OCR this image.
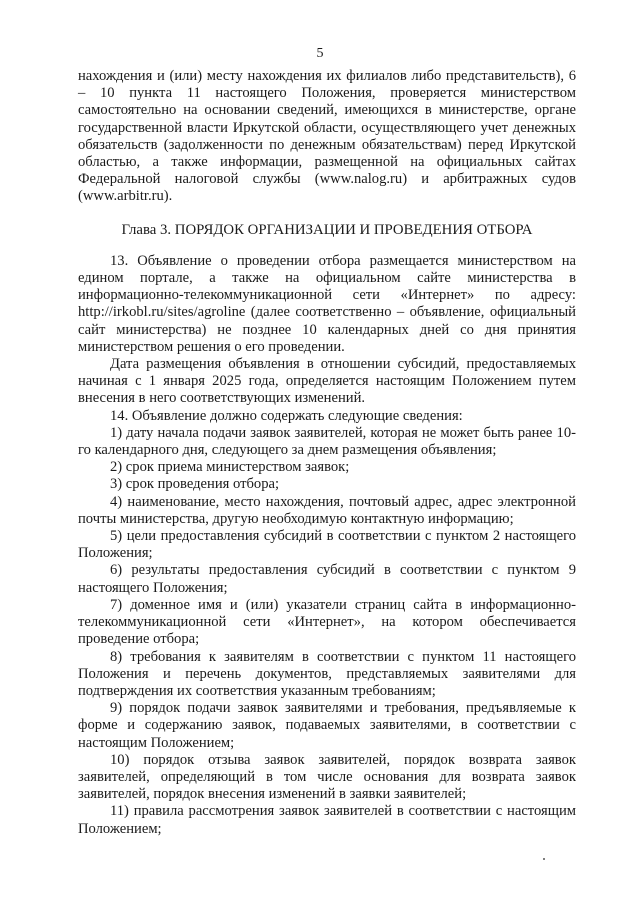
5

нахождения и (или) месту нахождения их филиалов либо представительств), 6 – 10 пункта 11 настоящего Положения, проверяется министерством самостоятельно на основании сведений, имеющихся в министерстве, органе государственной власти Иркутской области, осуществляющего учет денежных обязательств (задолженности по денежным обязательствам) перед Иркутской областью, а также информации, размещенной на официальных сайтах Федеральной налоговой службы (www.nalog.ru) и арбитражных судов (www.arbitr.ru).

Глава 3. ПОРЯДОК ОРГАНИЗАЦИИ И ПРОВЕДЕНИЯ ОТБОРА

13. Объявление о проведении отбора размещается министерством на едином портале, а также на официальном сайте министерства в информационно-телекоммуникационной сети «Интернет» по адресу: http://irkobl.ru/sites/agroline (далее соответственно – объявление, официальный сайт министерства) не позднее 10 календарных дней со дня принятия министерством решения о его проведении.

Дата размещения объявления в отношении субсидий, предоставляемых начиная с 1 января 2025 года, определяется настоящим Положением путем внесения в него соответствующих изменений.

14. Объявление должно содержать следующие сведения:

1) дату начала подачи заявок заявителей, которая не может быть ранее 10-го календарного дня, следующего за днем размещения объявления;

2) срок приема министерством заявок;

3) срок проведения отбора;

4) наименование, место нахождения, почтовый адрес, адрес электронной почты министерства, другую необходимую контактную информацию;

5) цели предоставления субсидий в соответствии с пунктом 2 настоящего Положения;

6) результаты предоставления субсидий в соответствии с пунктом 9 настоящего Положения;

7) доменное имя и (или) указатели страниц сайта в информационно-телекоммуникационной сети «Интернет», на котором обеспечивается проведение отбора;

8) требования к заявителям в соответствии с пунктом 11 настоящего Положения и перечень документов, представляемых заявителями для подтверждения их соответствия указанным требованиям;

9) порядок подачи заявок заявителями и требования, предъявляемые к форме и содержанию заявок, подаваемых заявителями, в соответствии с настоящим Положением;

10) порядок отзыва заявок заявителей, порядок возврата заявок заявителей, определяющий в том числе основания для возврата заявок заявителей, порядок внесения изменений в заявки заявителей;

11) правила рассмотрения заявок заявителей в соответствии с настоящим Положением;
